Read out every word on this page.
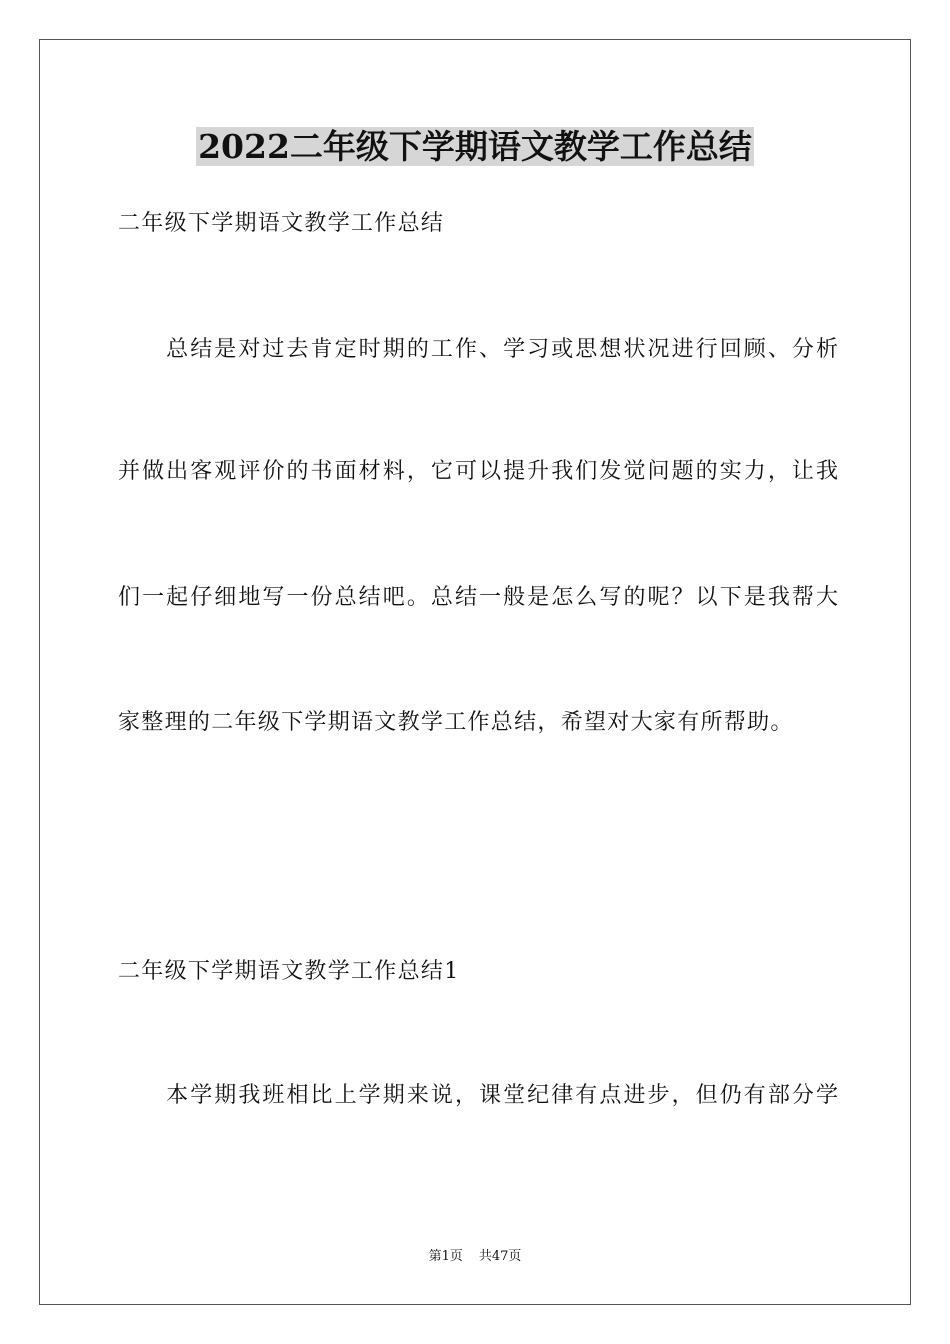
2022二年级下学期语文教学工作总结
二年级下学期语文教学工作总结
　　总结是对过去肯定时期的工作、学习或思想状况进行回顾、分析
并做出客观评价的书面材料，它可以提升我们发觉问题的实力，让我
们一起仔细地写一份总结吧。总结一般是怎么写的呢？以下是我帮大
家整理的二年级下学期语文教学工作总结，希望对大家有所帮助。
二年级下学期语文教学工作总结1
　　本学期我班相比上学期来说，课堂纪律有点进步，但仍有部分学
第1页 共47页
